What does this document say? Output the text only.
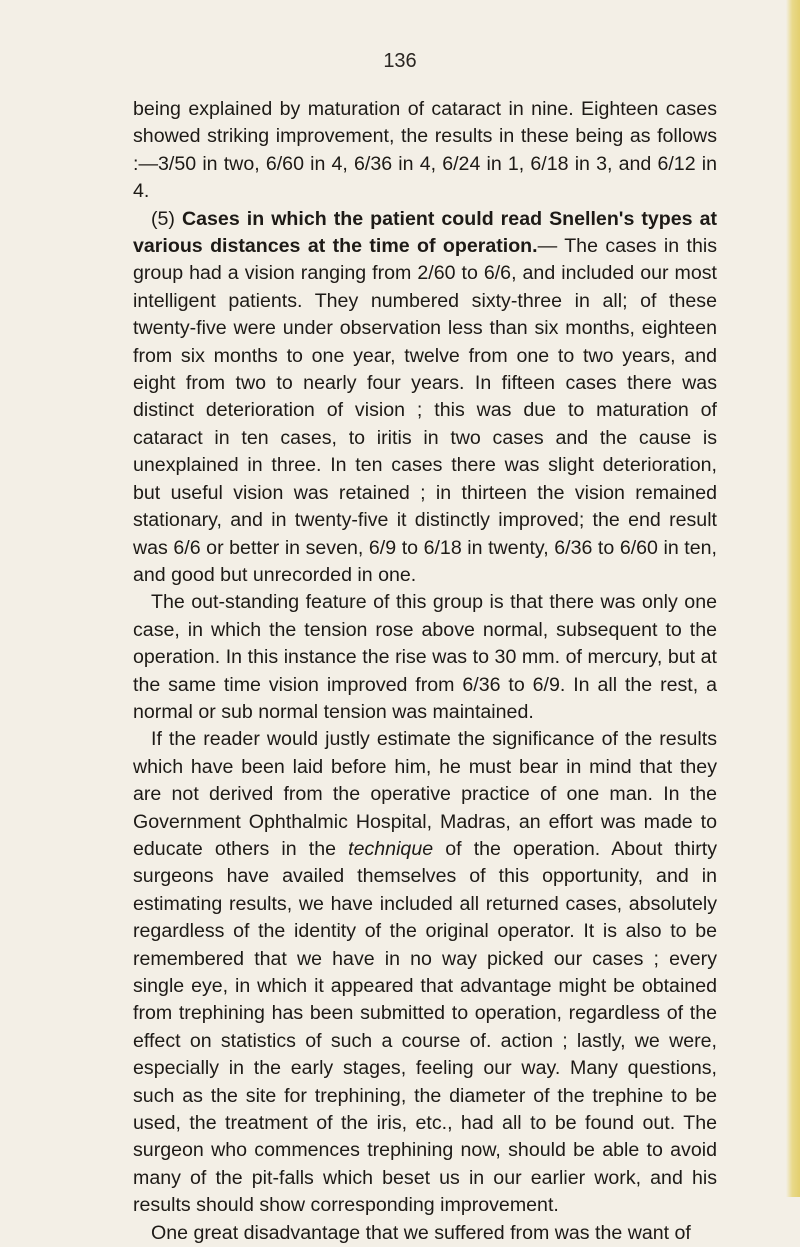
136

being explained by maturation of cataract in nine. Eighteen cases showed striking improvement, the results in these being as follows :—3/50 in two, 6/60 in 4, 6/36 in 4, 6/24 in 1, 6/18 in 3, and 6/12 in 4.

(5) Cases in which the patient could read Snellen's types at various distances at the time of operation.— The cases in this group had a vision ranging from 2/60 to 6/6, and included our most intelligent patients. They numbered sixty-three in all; of these twenty-five were under observation less than six months, eighteen from six months to one year, twelve from one to two years, and eight from two to nearly four years. In fifteen cases there was distinct deterioration of vision ; this was due to maturation of cataract in ten cases, to iritis in two cases and the cause is unexplained in three. In ten cases there was slight deterioration, but useful vision was retained ; in thirteen the vision remained stationary, and in twenty-five it distinctly improved; the end result was 6/6 or better in seven, 6/9 to 6/18 in twenty, 6/36 to 6/60 in ten, and good but unrecorded in one.

The out-standing feature of this group is that there was only one case, in which the tension rose above normal, subsequent to the operation. In this instance the rise was to 30 mm. of mercury, but at the same time vision improved from 6/36 to 6/9. In all the rest, a normal or sub normal tension was maintained.

If the reader would justly estimate the significance of the results which have been laid before him, he must bear in mind that they are not derived from the operative practice of one man. In the Government Ophthalmic Hospital, Madras, an effort was made to educate others in the technique of the operation. About thirty surgeons have availed themselves of this opportunity, and in estimating results, we have included all returned cases, absolutely regardless of the identity of the original operator. It is also to be remembered that we have in no way picked our cases ; every single eye, in which it appeared that advantage might be obtained from trephining has been submitted to operation, regardless of the effect on statistics of such a course of. action ; lastly, we were, especially in the early stages, feeling our way. Many questions, such as the site for trephining, the diameter of the trephine to be used, the treatment of the iris, etc., had all to be found out. The surgeon who commences trephining now, should be able to avoid many of the pit-falls which beset us in our earlier work, and his results should show corresponding improvement.

One great disadvantage that we suffered from was the want of
